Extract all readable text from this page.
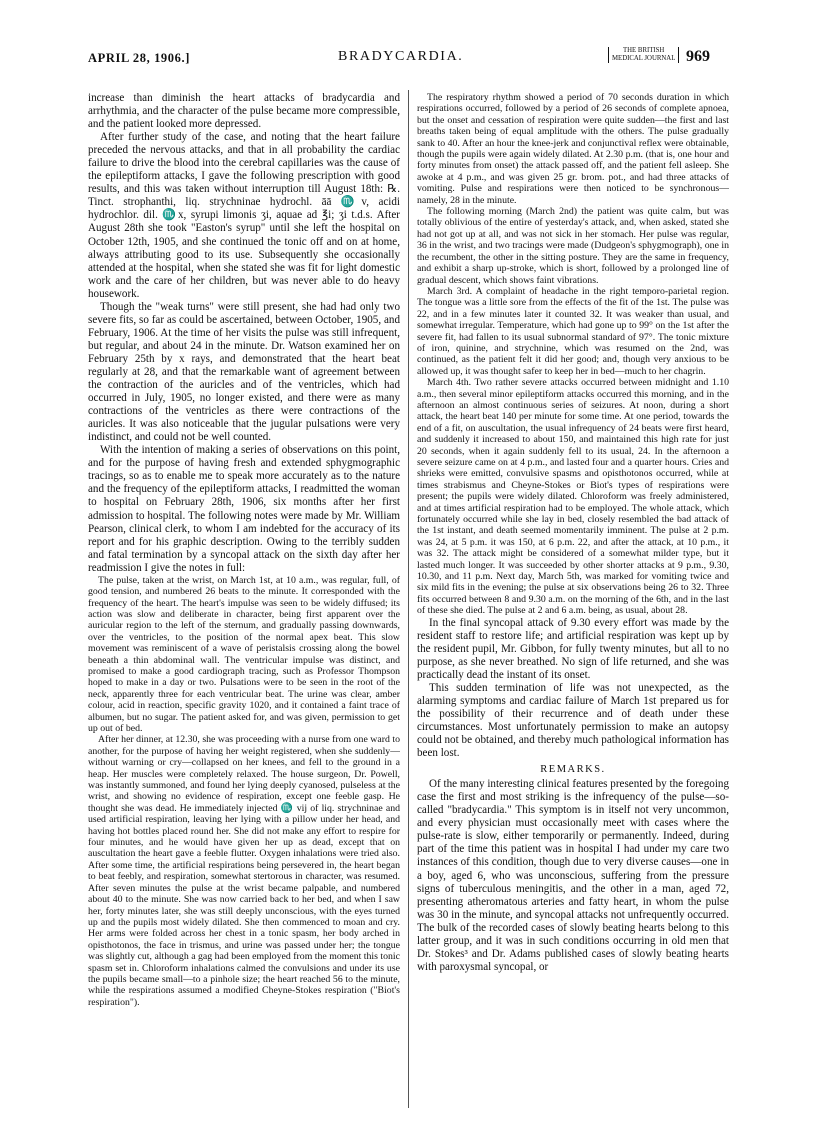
APRIL 28, 1906.]	BRADYCARDIA.	THE BRITISH
MEDICAL JOURNAL 969

increase than diminish the heart attacks of bradycardia and arrhythmia, and the character of the pulse became more compressible, and the patient looked more depressed.

After further study of the case, and noting that the heart failure preceded the nervous attacks, and that in all probability the cardiac failure to drive the blood into the cerebral capillaries was the cause of the epileptiform attacks, I gave the following prescription with good results, and this was taken without interruption till August 18th: ℞. Tinct. strophanthi, liq. strychninae hydrochl. āā ♏v, acidi hydrochlor. dil. ♏x, syrupi limonis ʒi, aquae ad ℥i; ʒi t.d.s. After August 28th she took "Easton's syrup" until she left the hospital on October 12th, 1905, and she continued the tonic off and on at home, always attributing good to its use. Subsequently she occasionally attended at the hospital, when she stated she was fit for light domestic work and the care of her children, but was never able to do heavy housework.

Though the "weak turns" were still present, she had had only two severe fits, so far as could be ascertained, between October, 1905, and February, 1906. At the time of her visits the pulse was still infrequent, but regular, and about 24 in the minute. Dr. Watson examined her on February 25th by x rays, and demonstrated that the heart beat regularly at 28, and that the remarkable want of agreement between the contraction of the auricles and of the ventricles, which had occurred in July, 1905, no longer existed, and there were as many contractions of the ventricles as there were contractions of the auricles. It was also noticeable that the jugular pulsations were very indistinct, and could not be well counted.

With the intention of making a series of observations on this point, and for the purpose of having fresh and extended sphygmographic tracings, so as to enable me to speak more accurately as to the nature and the frequency of the epileptiform attacks, I readmitted the woman to hospital on February 28th, 1906, six months after her first admission to hospital. The following notes were made by Mr. William Pearson, clinical clerk, to whom I am indebted for the accuracy of its report and for his graphic description. Owing to the terribly sudden and fatal termination by a syncopal attack on the sixth day after her readmission I give the notes in full:

The pulse, taken at the wrist, on March 1st, at 10 a.m., was regular, full, of good tension, and numbered 26 beats to the minute. It corresponded with the frequency of the heart. The heart's impulse was seen to be widely diffused; its action was slow and deliberate in character, being first apparent over the auricular region to the left of the sternum, and gradually passing downwards, over the ventricles, to the position of the normal apex beat. This slow movement was reminiscent of a wave of peristalsis crossing along the bowel beneath a thin abdominal wall. The ventricular impulse was distinct, and promised to make a good cardiograph tracing, such as Professor Thompson hoped to make in a day or two. Pulsations were to be seen in the root of the neck, apparently three for each ventricular beat. The urine was clear, amber colour, acid in reaction, specific gravity 1020, and it contained a faint trace of albumen, but no sugar. The patient asked for, and was given, permission to get up out of bed.

After her dinner, at 12.30, she was proceeding with a nurse from one ward to another, for the purpose of having her weight registered, when she suddenly—without warning or cry—collapsed on her knees, and fell to the ground in a heap. Her muscles were completely relaxed. The house surgeon, Dr. Powell, was instantly summoned, and found her lying deeply cyanosed, pulseless at the wrist, and showing no evidence of respiration, except one feeble gasp. He thought she was dead. He immediately injected ♏ vij of liq. strychninae and used artificial respiration, leaving her lying with a pillow under her head, and having hot bottles placed round her. She did not make any effort to respire for four minutes, and he would have given her up as dead, except that on auscultation the heart gave a feeble flutter. Oxygen inhalations were tried also. After some time, the artificial respirations being persevered in, the heart began to beat feebly, and respiration, somewhat stertorous in character, was resumed. After seven minutes the pulse at the wrist became palpable, and numbered about 40 to the minute. She was now carried back to her bed, and when I saw her, forty minutes later, she was still deeply unconscious, with the eyes turned up and the pupils most widely dilated. She then commenced to moan and cry. Her arms were folded across her chest in a tonic spasm, her body arched in opisthotonos, the face in trismus, and urine was passed under her; the tongue was slightly cut, although a gag had been employed from the moment this tonic spasm set in. Chloroform inhalations calmed the convulsions and under its use the pupils became small—to a pinhole size; the heart reached 56 to the minute, while the respirations assumed a modified Cheyne-Stokes respiration ("Biot's respiration").

The respiratory rhythm showed a period of 70 seconds duration in which respirations occurred, followed by a period of 26 seconds of complete apnoea, but the onset and cessation of respiration were quite sudden—the first and last breaths taken being of equal amplitude with the others. The pulse gradually sank to 40. After an hour the knee-jerk and conjunctival reflex were obtainable, though the pupils were again widely dilated. At 2.30 p.m. (that is, one hour and forty minutes from onset) the attack passed off, and the patient fell asleep. She awoke at 4 p.m., and was given 25 gr. brom. pot., and had three attacks of vomiting. Pulse and respirations were then noticed to be synchronous—namely, 28 in the minute.

The following morning (March 2nd) the patient was quite calm, but was totally oblivious of the entire of yesterday's attack, and, when asked, stated she had not got up at all, and was not sick in her stomach. Her pulse was regular, 36 in the wrist, and two tracings were made (Dudgeon's sphygmograph), one in the recumbent, the other in the sitting posture. They are the same in frequency, and exhibit a sharp up-stroke, which is short, followed by a prolonged line of gradual descent, which shows faint vibrations.

March 3rd. A complaint of headache in the right temporo-parietal region. The tongue was a little sore from the effects of the fit of the 1st. The pulse was 22, and in a few minutes later it counted 32. It was weaker than usual, and somewhat irregular. Temperature, which had gone up to 99° on the 1st after the severe fit, had fallen to its usual subnormal standard of 97°. The tonic mixture of iron, quinine, and strychnine, which was resumed on the 2nd, was continued, as the patient felt it did her good; and, though very anxious to be allowed up, it was thought safer to keep her in bed—much to her chagrin.

March 4th. Two rather severe attacks occurred between midnight and 1.10 a.m., then several minor epileptiform attacks occurred this morning, and in the afternoon an almost continuous series of seizures. At noon, during a short attack, the heart beat 140 per minute for some time. At one period, towards the end of a fit, on auscultation, the usual infrequency of 24 beats were first heard, and suddenly it increased to about 150, and maintained this high rate for just 20 seconds, when it again suddenly fell to its usual, 24. In the afternoon a severe seizure came on at 4 p.m., and lasted four and a quarter hours. Cries and shrieks were emitted, convulsive spasms and opisthotonos occurred, while at times strabismus and Cheyne-Stokes or Biot's types of respirations were present; the pupils were widely dilated. Chloroform was freely administered, and at times artificial respiration had to be employed. The whole attack, which fortunately occurred while she lay in bed, closely resembled the bad attack of the 1st instant, and death seemed momentarily imminent. The pulse at 2 p.m. was 24, at 5 p.m. it was 150, at 6 p.m. 22, and after the attack, at 10 p.m., it was 32. The attack might be considered of a somewhat milder type, but it lasted much longer. It was succeeded by other shorter attacks at 9 p.m., 9.30, 10.30, and 11 p.m. Next day, March 5th, was marked for vomiting twice and six mild fits in the evening; the pulse at six observations being 26 to 32. Three fits occurred between 8 and 9.30 a.m. on the morning of the 6th, and in the last of these she died. The pulse at 2 and 6 a.m. being, as usual, about 28.

In the final syncopal attack of 9.30 every effort was made by the resident staff to restore life; and artificial respiration was kept up by the resident pupil, Mr. Gibbon, for fully twenty minutes, but all to no purpose, as she never breathed. No sign of life returned, and she was practically dead the instant of its onset.

This sudden termination of life was not unexpected, as the alarming symptoms and cardiac failure of March 1st prepared us for the possibility of their recurrence and of death under these circumstances. Most unfortunately permission to make an autopsy could not be obtained, and thereby much pathological information has been lost.

REMARKS.

Of the many interesting clinical features presented by the foregoing case the first and most striking is the infrequency of the pulse—so-called "bradycardia." This symptom is in itself not very uncommon, and every physician must occasionally meet with cases where the pulse-rate is slow, either temporarily or permanently. Indeed, during part of the time this patient was in hospital I had under my care two instances of this condition, though due to very diverse causes—one in a boy, aged 6, who was unconscious, suffering from the pressure signs of tuberculous meningitis, and the other in a man, aged 72, presenting atheromatous arteries and fatty heart, in whom the pulse was 30 in the minute, and syncopal attacks not unfrequently occurred. The bulk of the recorded cases of slowly beating hearts belong to this latter group, and it was in such conditions occurring in old men that Dr. Stokes³ and Dr. Adams published cases of slowly beating hearts with paroxysmal syncopal, or
